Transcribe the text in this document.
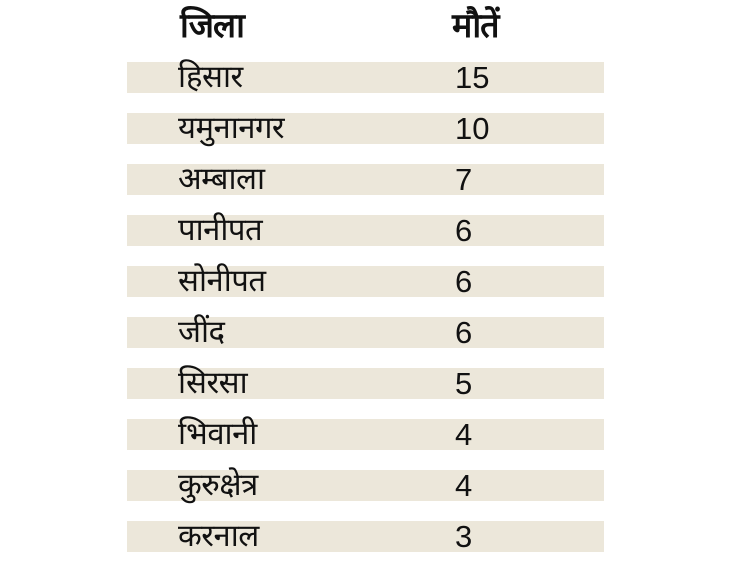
जिला	मौतें
हिसार	15
यमुनानगर	10
अम्बाला	7
पानीपत	6
सोनीपत	6
जींद	6
सिरसा	5
भिवानी	4
कुरुक्षेत्र	4
करनाल	3
